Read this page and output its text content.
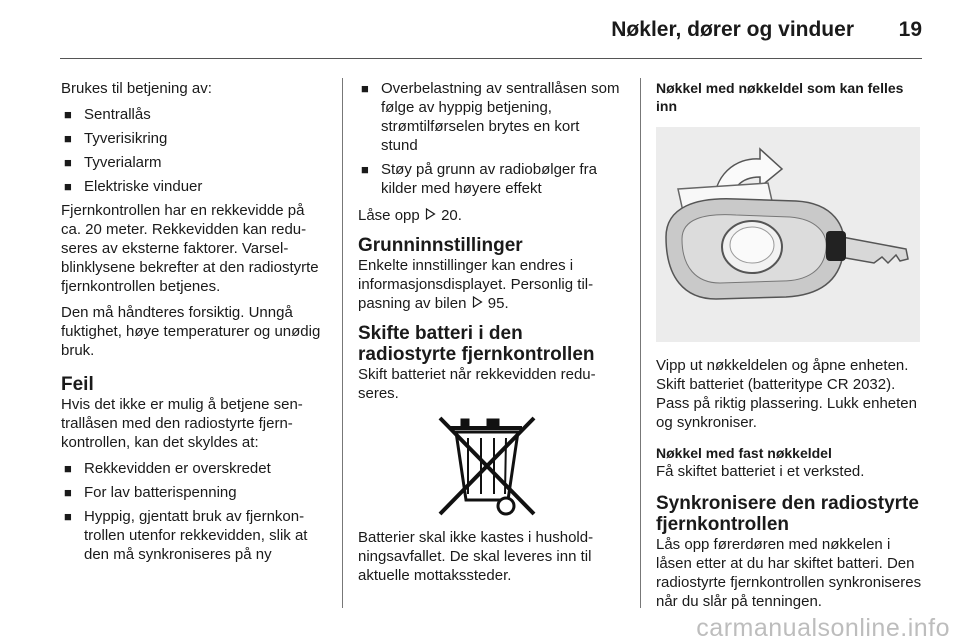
Nøkler, dører og vinduer 19

Brukes til betjening av:

■ Sentrallås
■ Tyverisikring
■ Tyverialarm
■ Elektriske vinduer

Fjernkontrollen har en rekkevidde på ca. 20 meter. Rekkevidden kan reduseres av eksterne faktorer. Varselblinklysene bekrefter at den radiostyrte fjernkontrollen betjenes.

Den må håndteres forsiktig. Unngå fuktighet, høye temperaturer og unødig bruk.

Feil

Hvis det ikke er mulig å betjene sentrallåsen med den radiostyrte fjernkontrollen, kan det skyldes at:

■ Rekkevidden er overskredet
■ For lav batterispenning
■ Hyppig, gjentatt bruk av fjernkontrollen utenfor rekkevidden, slik at den må synkroniseres på ny
■ Overbelastning av sentrallåsen som følge av hyppig betjening, strømtilførselen brytes en kort stund
■ Støy på grunn av radiobølger fra kilder med høyere effekt

Låse opp 20.

Grunninnstillinger

Enkelte innstillinger kan endres i informasjonsdisplayet. Personlig tilpasning av bilen 95.

Skifte batteri i den radiostyrte fjernkontrollen

Skift batteriet når rekkevidden reduseres.

Batterier skal ikke kastes i husholdningsavfallet. De skal leveres inn til aktuelle mottakssteder.

Nøkkel med nøkkeldel som kan felles inn

Vipp ut nøkkeldelen og åpne enheten. Skift batteriet (batteritype CR 2032). Pass på riktig plassering. Lukk enheten og synkroniser.

Nøkkel med fast nøkkeldel

Få skiftet batteriet i et verksted.

Synkronisere den radiostyrte fjernkontrollen

Lås opp førerdøren med nøkkelen i låsen etter at du har skiftet batteri. Den radiostyrte fjernkontrollen synkroniseres når du slår på tenningen.

carmanualsonline.info
